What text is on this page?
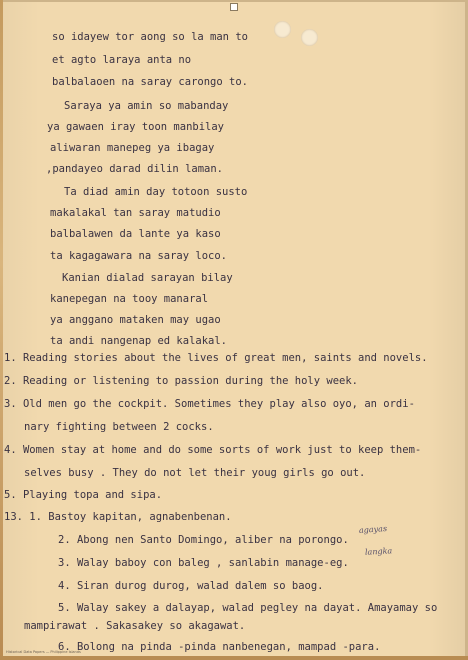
so idayew tor aong so la man to
et agto laraya anta no
balbalaoen na saray carongo to.
Saraya ya amin so mabanday
ya gawaen iray toon manbilay
aliwaran manepeg ya ibagay
,pandayeo darad dilin laman.
Ta diad amin day totoon susto
makalakal tan saray matudio
balbalawen da lante ya kaso
ta kagagawara na saray loco.
Kanian dialad sarayan bilay
kanepegan na tooy manaral
ya anggano mataken may ugao
ta andi nangenap ed kalakal.
1. Reading stories about the lives of great men, saints and novels.
2. Reading or listening to passion during the holy week.
3. Old men go the cockpit. Sometimes they play also oyo, an ordi-
nary fighting between 2 cocks.
4. Women stay at home and do some sorts of work just to keep them-
selves busy . They do not let their youg girls go out.
5. Playing topa and sipa.
13. 1. Bastoy kapitan, agnabenbenan.
2. Abong nen Santo Domingo, aliber na porongo.
3. Walay baboy con baleg , sanlabin manage-eg.
4. Siran durog durog, walad dalem so baog.
5. Walay sakey a dalayap, walad pegley na dayat. Amayamay so
mampirawat . Sakasakey so akagawat.
6. Bolong na pinda -pinda nanbenegan, mampad -para.
agayas
langka
Historical Data Papers — Philippine Islands
